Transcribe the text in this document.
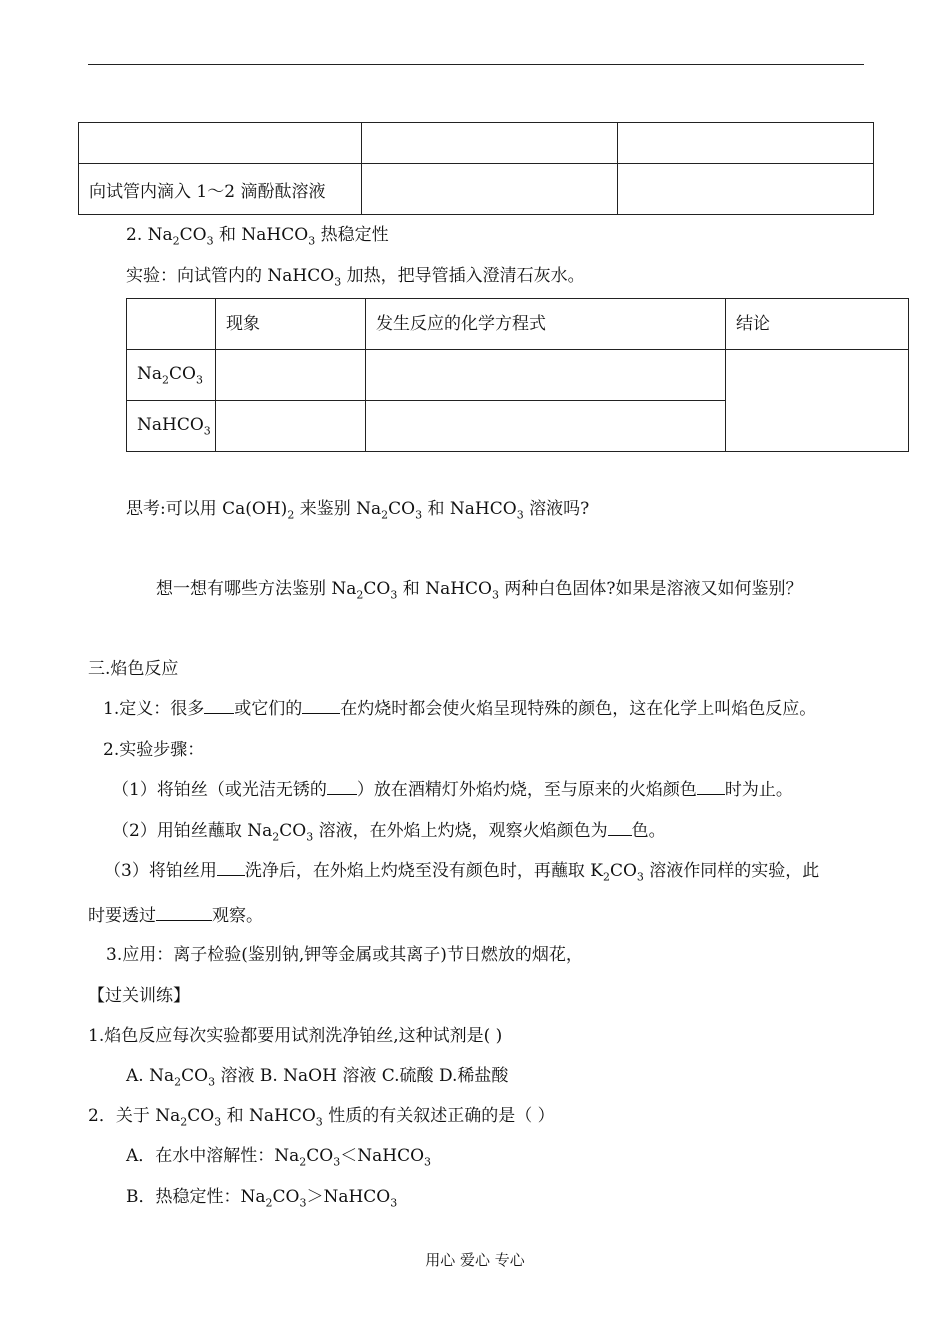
向试管内滴入 1～2 滴酚酞溶液		
2. $Na_2CO_3$ 和 NaHCO$_3$ 热稳定性
实验：向试管内的 NaHCO$_3$ 加热，把导管插入澄清石灰水。
	现象	发生反应的化学方程式	结论
$Na_2CO_3$			
NaHCO$_3$		
思考:可以用 $Ca(OH)_2$ 来鉴别 $Na_2CO_3$ 和 NaHCO$_3$ 溶液吗?
想一想有哪些方法鉴别 $Na_2CO_3$ 和 NaHCO$_3$ 两种白色固体?如果是溶液又如何鉴别？
三.焰色反应
1.定义：很多 或它们的 在灼烧时都会使火焰呈现特殊的颜色，这在化学上叫焰色反应。
2.实验步骤：
（1）将铂丝（或光洁无锈的 ）放在酒精灯外焰灼烧，至与原来的火焰颜色 时为止。
（2）用铂丝蘸取 $Na_2CO_3$ 溶液，在外焰上灼烧，观察火焰颜色为 色。
（3）将铂丝用 洗净后，在外焰上灼烧至没有颜色时，再蘸取 $K_2CO_3$ 溶液作同样的实验，此
时要透过	观察。
3.应用：离子检验(鉴别钠,钾等金属或其离子)节日燃放的烟花，
【过关训练】
1.焰色反应每次实验都要用试剂洗净铂丝,这种试剂是( )
A. $Na_2CO_3$ 溶液 B. NaOH 溶液 C.硫酸 D.稀盐酸
2．关于 $Na_2CO_3$ 和 NaHCO$_3$ 性质的有关叙述正确的是（ ）
A．在水中溶解性：$Na_2CO_3<NaHCO_3$
B．热稳定性：$Na_2CO_3>NaHCO_3$
用心 爱心 专心
